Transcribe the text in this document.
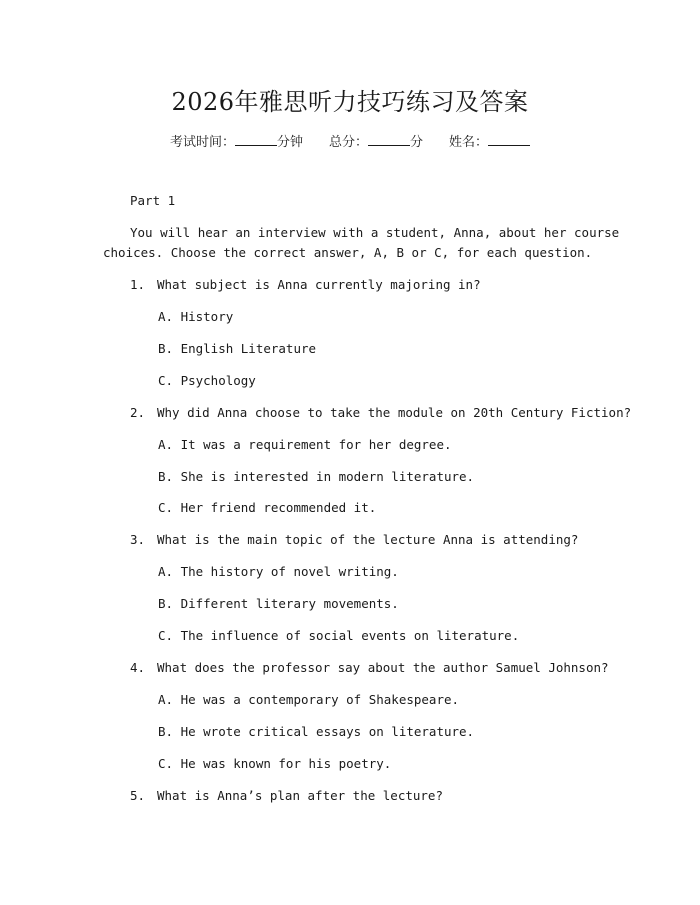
2026年雅思听力技巧练习及答案
考试时间：	分钟 总分：	分 姓名：
Part 1
You will hear an interview with a student, Anna, about her course
choices. Choose the correct answer, A, B or C, for each question.
1. What subject is Anna currently majoring in?
A. History
B. English Literature
C. Psychology
2. Why did Anna choose to take the module on 20th Century Fiction?
A. It was a requirement for her degree.
B. She is interested in modern literature.
C. Her friend recommended it.
3. What is the main topic of the lecture Anna is attending?
A. The history of novel writing.
B. Different literary movements.
C. The influence of social events on literature.
4. What does the professor say about the author Samuel Johnson?
A. He was a contemporary of Shakespeare.
B. He wrote critical essays on literature.
C. He was known for his poetry.
5. What is Anna’s plan after the lecture?
